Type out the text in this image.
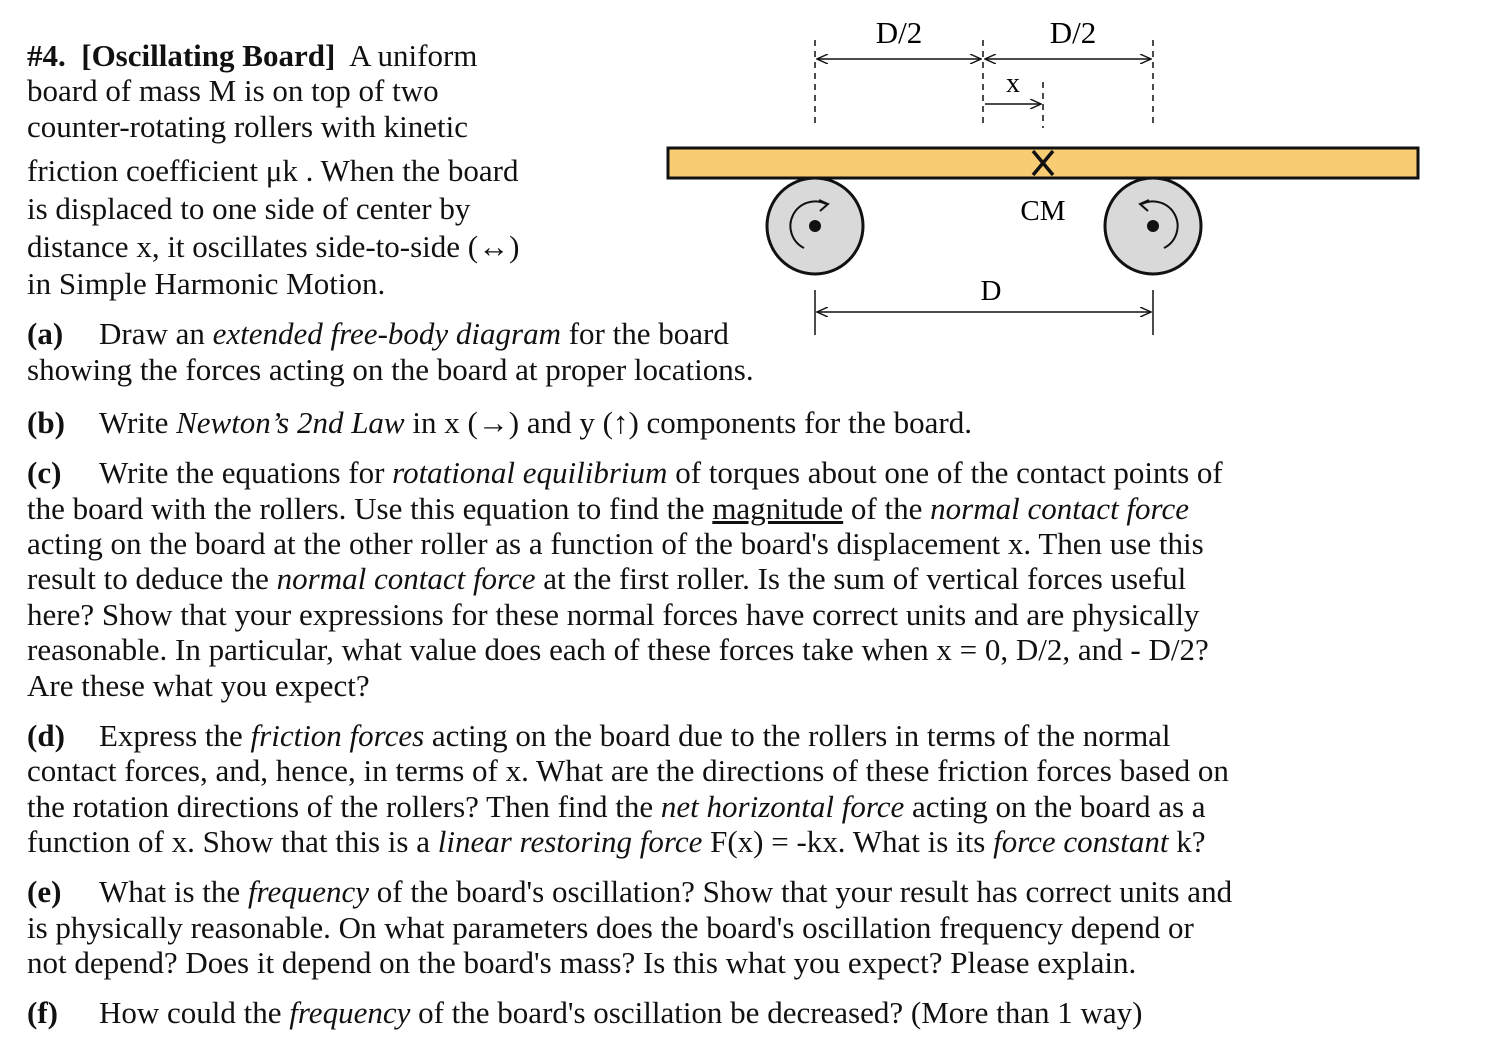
#4. [Oscillating Board] A uniform
board of mass M is on top of two
counter-rotating rollers with kinetic
friction coefficient μk . When the board
is displaced to one side of center by
distance x, it oscillates side-to-side (↔)
in Simple Harmonic Motion.
D/2	D/2
x
CM
D
(a) Draw an extended free-body diagram for the board
showing the forces acting on the board at proper locations.
(b) Write Newton’s 2nd Law in x (→) and y (↑) components for the board.
(c) Write the equations for rotational equilibrium of torques about one of the contact points of
the board with the rollers. Use this equation to find the magnitude of the normal contact force
acting on the board at the other roller as a function of the board's displacement x. Then use this
result to deduce the normal contact force at the first roller. Is the sum of vertical forces useful
here? Show that your expressions for these normal forces have correct units and are physically
reasonable. In particular, what value does each of these forces take when x = 0, D/2, and - D/2?
Are these what you expect?
(d) Express the friction forces acting on the board due to the rollers in terms of the normal
contact forces, and, hence, in terms of x. What are the directions of these friction forces based on
the rotation directions of the rollers? Then find the net horizontal force acting on the board as a
function of x. Show that this is a linear restoring force F(x) = -kx. What is its force constant k?
(e) What is the frequency of the board's oscillation? Show that your result has correct units and
is physically reasonable. On what parameters does the board's oscillation frequency depend or
not depend? Does it depend on the board's mass? Is this what you expect? Please explain.
(f) How could the frequency of the board's oscillation be decreased? (More than 1 way)
